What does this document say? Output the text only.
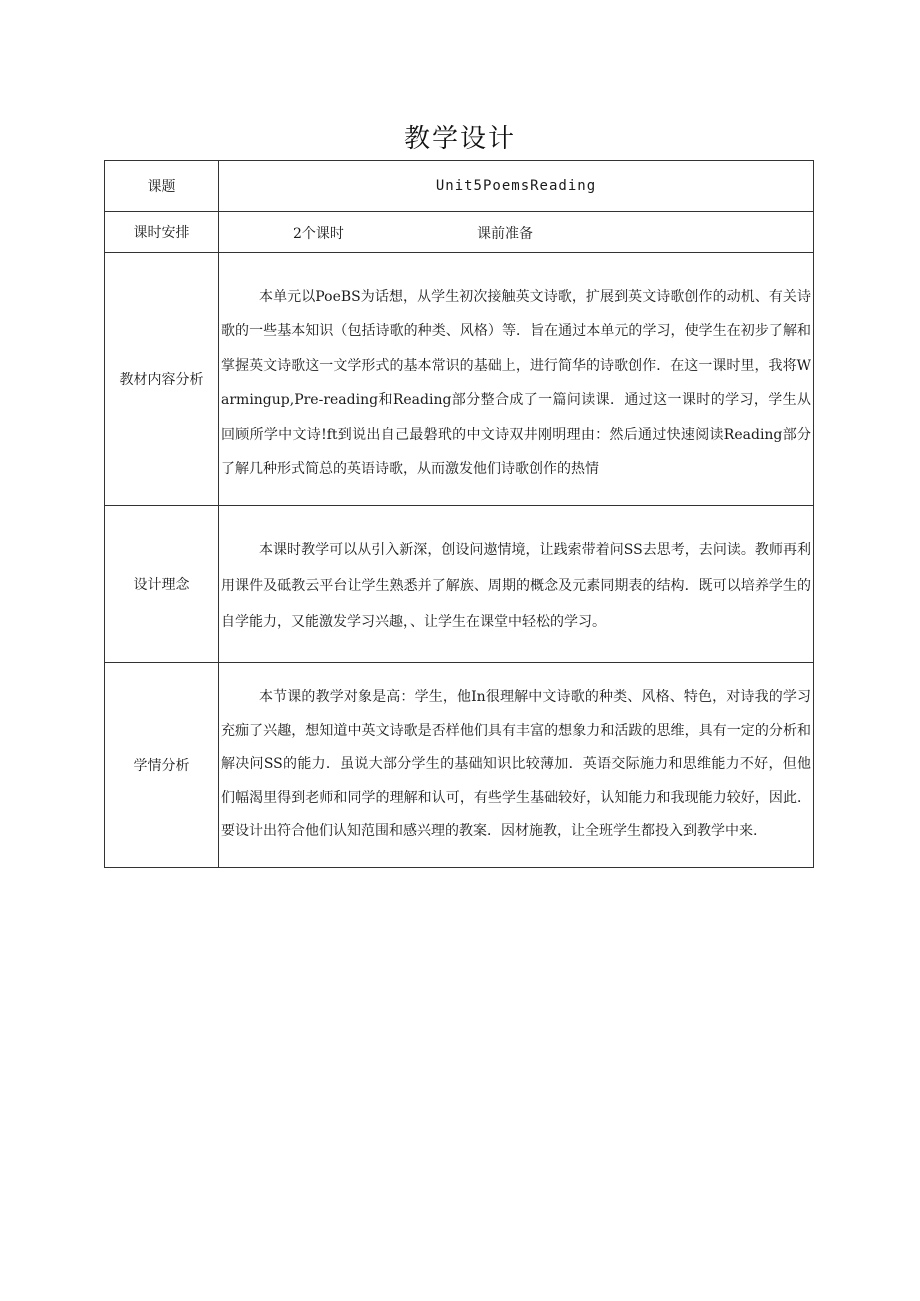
教学设计
课题	Unit5PoemsReading
课时安排	2个课时 课前准备

教材内容分析	本单元以PoeBS为话想，从学生初次接触英文诗歌，扩展到英文诗歌创作的动机、有关诗歌的一些基本知识（包括诗歌的种类、风格）等．旨在通过本单元的学习，使学生在初步了解和掌握英文诗歌这一文学形式的基本常识的基础上，进行简华的诗歌创作．在这一课时里，我将Warmingup,Pre-reading和Reading部分整合成了一篇问读课．通过这一课时的学习，学生从回顾所学中文诗!ft到说出自己最磐玳的中文诗双井刚明理由：然后通过快速阅读Reading部分了解几种形式简总的英语诗歌，从而激发他们诗歌创作的热情

设计理念	本课时教学可以从引入新深，创设问遨情境，让践索带着问SS去思考，去问读。教师再利用课件及砥教云平台让学生熟悉并了解族、周期的概念及元素同期表的结构．既可以培养学生的自学能力，又能激发学习兴趣，、让学生在课堂中轻松的学习。

学情分析	本节课的教学对象是高：学生，他In很理解中文诗歌的种类、风格、特色，对诗我的学习充痂了兴趣，想知道中英文诗歌是否样他们具有丰富的想象力和活跋的思维，具有一定的分析和解决问SS的能力．虽说大部分学生的基础知识比较薄加．英语交际施力和思维能力不好，但他们幅渴里得到老师和同学的理解和认可，有些学生基础较好，认知能力和我现能力较好，因此．要设计出符合他们认知范围和感兴理的教案．因材施教，让全班学生都投入到教学中来.
